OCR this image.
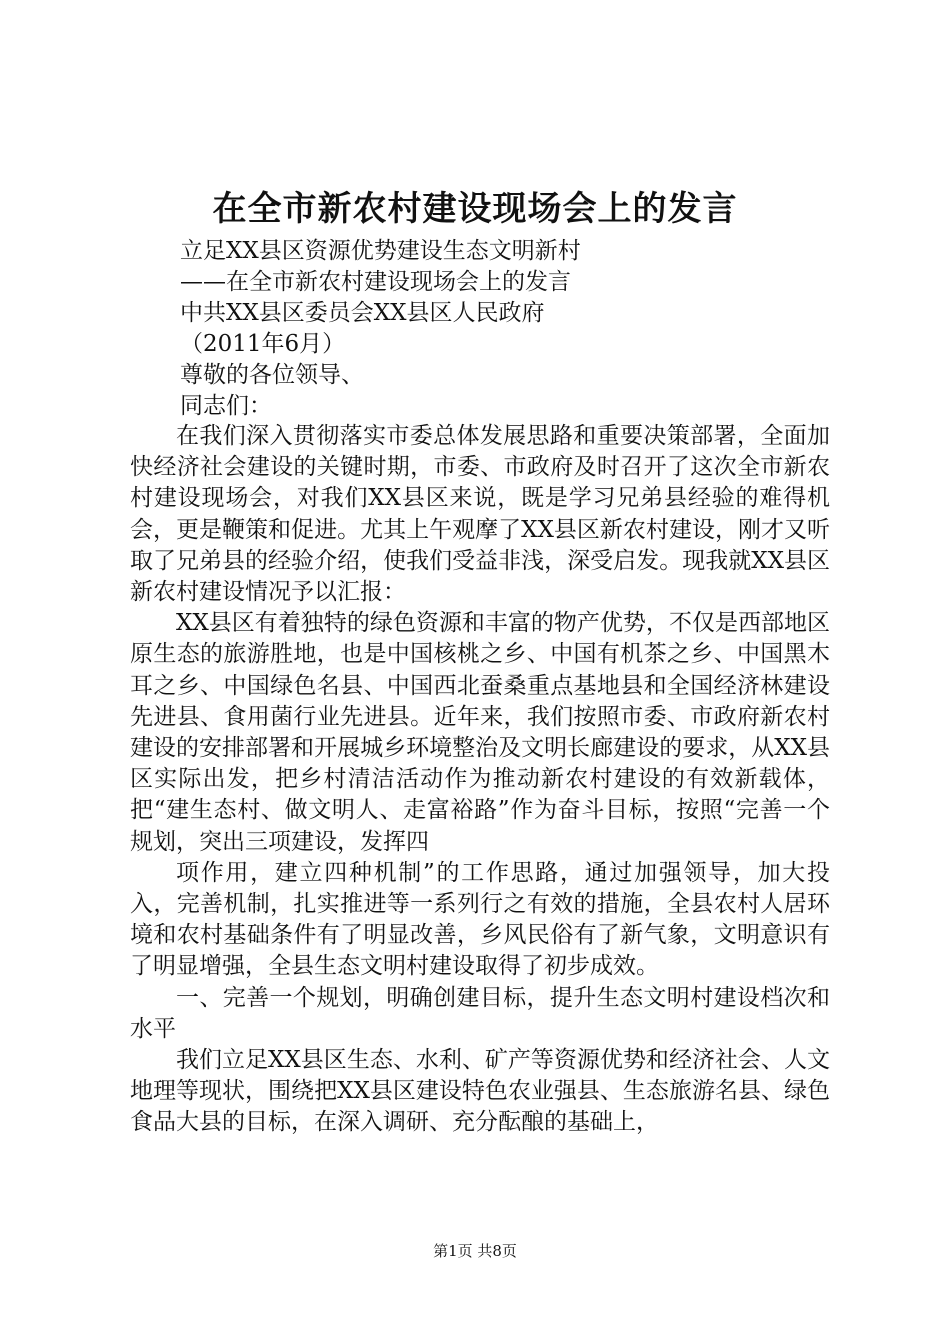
在全市新农村建设现场会上的发言
立足XX县区资源优势建设生态文明新村
——在全市新农村建设现场会上的发言
中共XX县区委员会XX县区人民政府
（2011年6月）
尊敬的各位领导、
同志们：

在我们深入贯彻落实市委总体发展思路和重要决策部署，全面加快经济社会建设的关键时期，市委、市政府及时召开了这次全市新农村建设现场会，对我们XX县区来说，既是学习兄弟县经验的难得机会，更是鞭策和促进。尤其上午观摩了XX县区新农村建设，刚才又听取了兄弟县的经验介绍，使我们受益非浅，深受启发。现我就XX县区新农村建设情况予以汇报：

XX县区有着独特的绿色资源和丰富的物产优势，不仅是西部地区原生态的旅游胜地，也是中国核桃之乡、中国有机茶之乡、中国黑木耳之乡、中国绿色名县、中国西北蚕桑重点基地县和全国经济林建设先进县、食用菌行业先进县。近年来，我们按照市委、市政府新农村建设的安排部署和开展城乡环境整治及文明长廊建设的要求，从XX县区实际出发，把乡村清洁活动作为推动新农村建设的有效新载体，把“建生态村、做文明人、走富裕路”作为奋斗目标，按照“完善一个规划，突出三项建设，发挥四

项作用，建立四种机制”的工作思路，通过加强领导，加大投入，完善机制，扎实推进等一系列行之有效的措施，全县农村人居环境和农村基础条件有了明显改善，乡风民俗有了新气象，文明意识有了明显增强，全县生态文明村建设取得了初步成效。

一、完善一个规划，明确创建目标，提升生态文明村建设档次和水平

我们立足XX县区生态、水利、矿产等资源优势和经济社会、人文地理等现状，围绕把XX县区建设特色农业强县、生态旅游名县、绿色食品大县的目标，在深入调研、充分酝酿的基础上，

第1页 共8页
